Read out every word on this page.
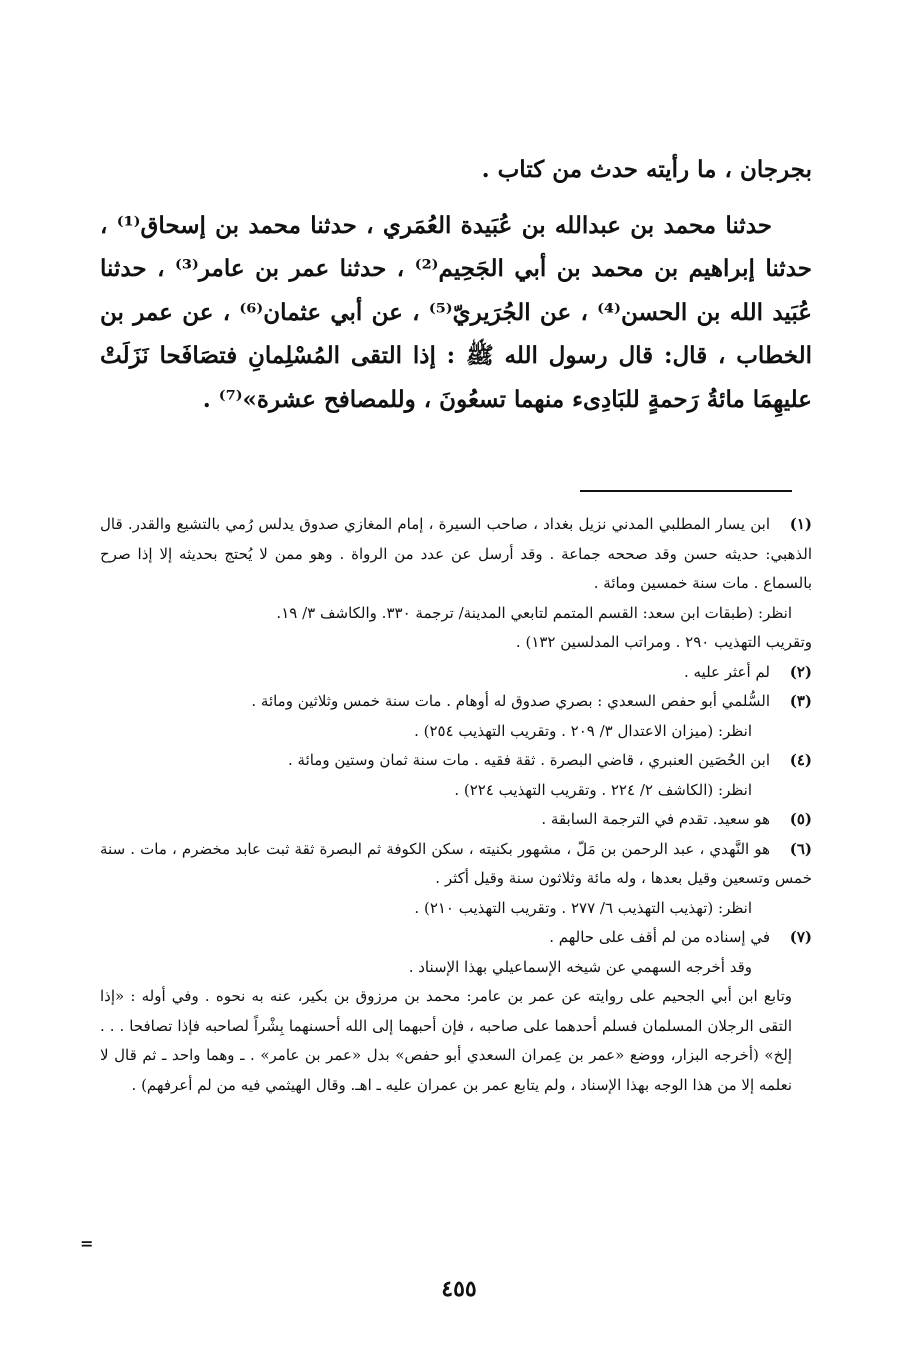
بجرجان ، ما رأيته حدث من كتاب .

حدثنا محمد بن عبدالله بن عُبَيدة العُمَري ، حدثنا محمد بن إسحاق⁽¹⁾ ، حدثنا إبراهيم بن محمد بن أبي الجَحِيم⁽²⁾ ، حدثنا عمر بن عامر⁽³⁾ ، حدثنا عُبَيد الله بن الحسن⁽⁴⁾ ، عن الجُرَيريّ⁽⁵⁾ ، عن أبي عثمان⁽⁶⁾ ، عن عمر بن الخطاب ، قال: قال رسول الله ﷺ : إذا التقى المُسْلِمانِ فتصَافَحا نَزَلَتْ عليهِمَا مائةُ رَحمةٍ للبَادِىء منهما تسعُونَ ، وللمصافح عشرة»⁽⁷⁾ .

(١)ابن يسار المطلبي المدني نزيل بغداد ، صاحب السيرة ، إمام المغازي صدوق يدلس رُمي بالتشيع والقدر. قال الذهبي: حديثه حسن وقد صححه جماعة . وقد أرسل عن عدد من الرواة . وهو ممن لا يُحتج بحديثه إلا إذا صرح بالسماع . مات سنة خمسين ومائة .

انظر: (طبقات ابن سعد: القسم المتمم لتابعي المدينة/ ترجمة ٣٣٠. والكاشف ٣/ ١٩.

وتقريب التهذيب ٢٩٠ . ومراتب المدلسين ١٣٢) .

(٢)لم أعثر عليه .

(٣)السُّلمي أبو حفص السعدي : بصري صدوق له أوهام . مات سنة خمس وثلاثين ومائة .

انظر: (ميزان الاعتدال ٣/ ٢٠٩ . وتقريب التهذيب ٢٥٤) .

(٤)ابن الحُصَين العنبري ، قاضي البصرة . ثقة فقيه . مات سنة ثمان وستين ومائة .

انظر: (الكاشف ٢/ ٢٢٤ . وتقريب التهذيب ٢٢٤) .

(٥)هو سعيد. تقدم في الترجمة السابقة .

(٦)هو النَّهدي ، عبد الرحمن بن مَلّ ، مشهور بكنيته ، سكن الكوفة ثم البصرة ثقة ثبت عابد مخضرم ، مات . سنة خمس وتسعين وقيل بعدها ، وله مائة وثلاثون سنة وقيل أكثر .

انظر: (تهذيب التهذيب ٦/ ٢٧٧ . وتقريب التهذيب ٢١٠) .

(٧)في إسناده من لم أقف على حالهم .

وقد أخرجه السهمي عن شيخه الإسماعيلي بهذا الإسناد .

وتابع ابن أبي الجحيم على روايته عن عمر بن عامر: محمد بن مرزوق بن بكير، عنه به نحوه . وفي أوله : «إذا التقى الرجلان المسلمان فسلم أحدهما على صاحبه ، فإن أحبهما إلى الله أحسنهما بِشْراً لصاحبه فإذا تصافحا . . . إلخ» (أخرجه البزار، ووضع «عمر بن عِمران السعدي أبو حفص» بدل «عمر بن عامر» . ـ وهما واحد ـ ثم قال لا نعلمه إلا من هذا الوجه بهذا الإسناد ، ولم يتابع عمر بن عمران عليه ـ اهـ. وقال الهيثمي فيه من لم أعرفهم) .

=
٤٥٥
